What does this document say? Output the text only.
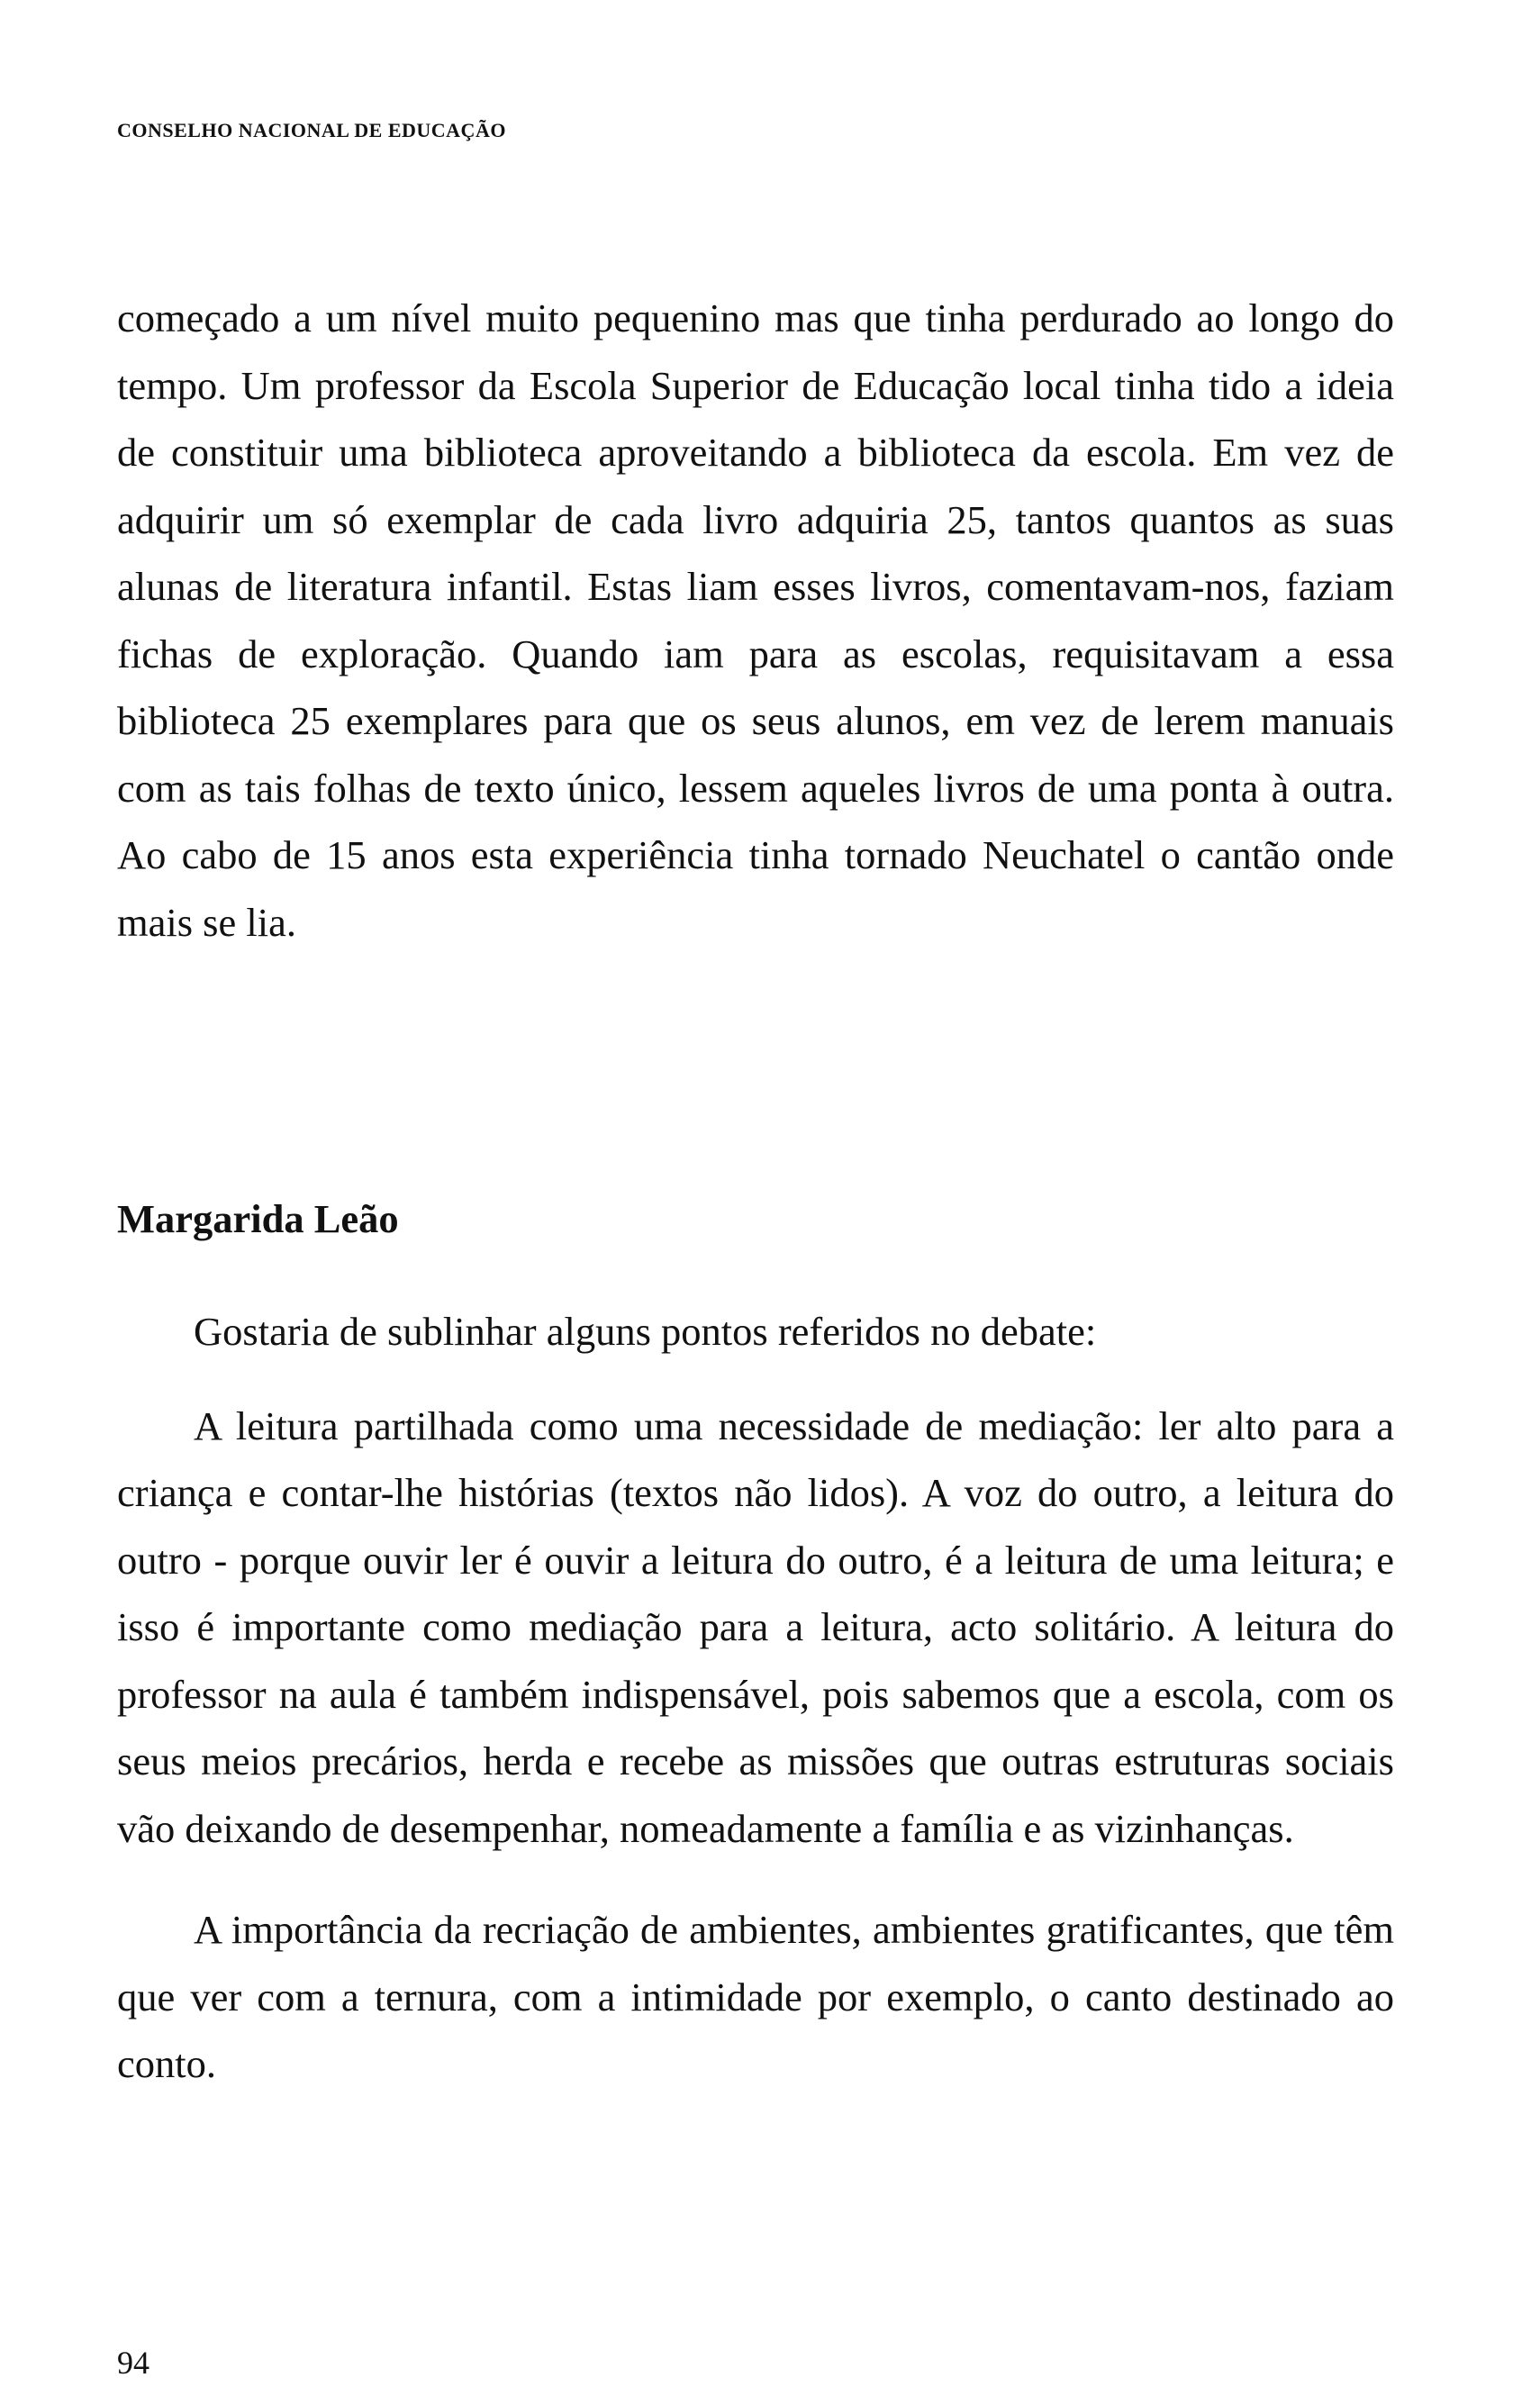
CONSELHO NACIONAL DE EDUCAÇÃO

começado a um nível muito pequenino mas que tinha perdurado ao longo do tempo. Um professor da Escola Superior de Educação local tinha tido a ideia de constituir uma biblioteca aproveitando a biblioteca da escola. Em vez de adquirir um só exemplar de cada livro adquiria 25, tantos quantos as suas alunas de literatura infantil. Estas liam esses livros, comentavam-nos, faziam fichas de exploração. Quando iam para as escolas, requisitavam a essa biblioteca 25 exemplares para que os seus alunos, em vez de lerem manuais com as tais folhas de texto único, lessem aqueles livros de uma ponta à outra. Ao cabo de 15 anos esta experiência tinha tornado Neuchatel o cantão onde mais se lia.

Margarida Leão

Gostaria de sublinhar alguns pontos referidos no debate:

A leitura partilhada como uma necessidade de mediação: ler alto para a criança e contar-lhe histórias (textos não lidos). A voz do outro, a leitura do outro - porque ouvir ler é ouvir a leitura do outro, é a leitura de uma leitura; e isso é importante como mediação para a leitura, acto solitário. A leitura do professor na aula é também indispensável, pois sabemos que a escola, com os seus meios precários, herda e recebe as missões que outras estruturas sociais vão deixando de desempenhar, nomeadamente a família e as vizinhanças.

A importância da recriação de ambientes, ambientes gratificantes, que têm que ver com a ternura, com a intimidade por exemplo, o canto destinado ao conto.

94
